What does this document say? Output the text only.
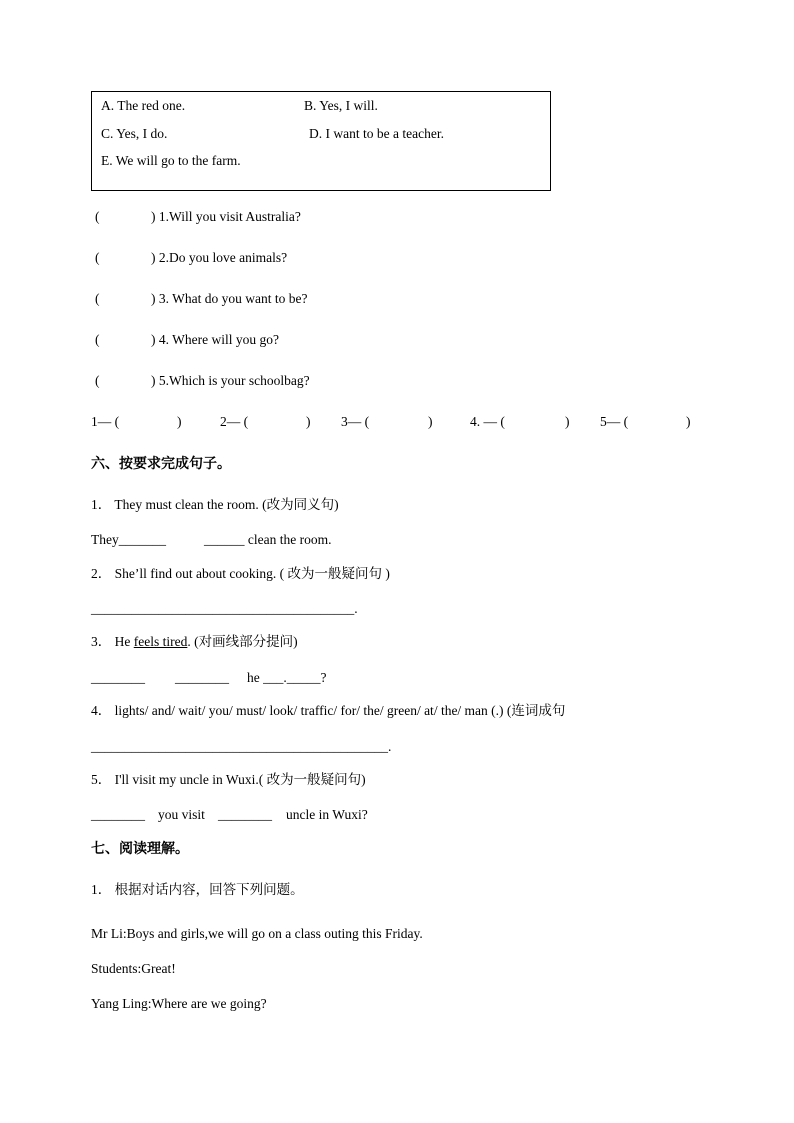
A. The red one.	B. Yes, I will.
C. Yes, I do.	D. I want to be a teacher.
E. We will go to the farm.
(	) 1.Will you visit Australia?
(	) 2.Do you love animals?
(	) 3. What do you want to be?
(	) 4. Where will you go?
(	) 5.Which is your schoolbag?
1— (	)	2— (	) 3— (	)	4. — (	) 5— (	)
六、按要求完成句子。
1． They must clean the room. (改为同义句)
They_______	______ clean the room.
2． She’ll find out about cooking. ( 改为一般疑问句 )
_______________________________________.
3． He feels tired. (对画线部分提问)
________ ________ he ___._____?
4． lights/ and/ wait/ you/ must/ look/ traffic/ for/ the/ green/ at/ the/ man (.) (连词成句
____________________________________________.
5． I'll visit my uncle in Wuxi.( 改为一般疑问句)
________ you visit ________ uncle in Wuxi?
七、阅读理解。
1． 根据对话内容，回答下列问题。
Mr Li:Boys and girls,we will go on a class outing this Friday.
Students:Great!
Yang Ling:Where are we going?
